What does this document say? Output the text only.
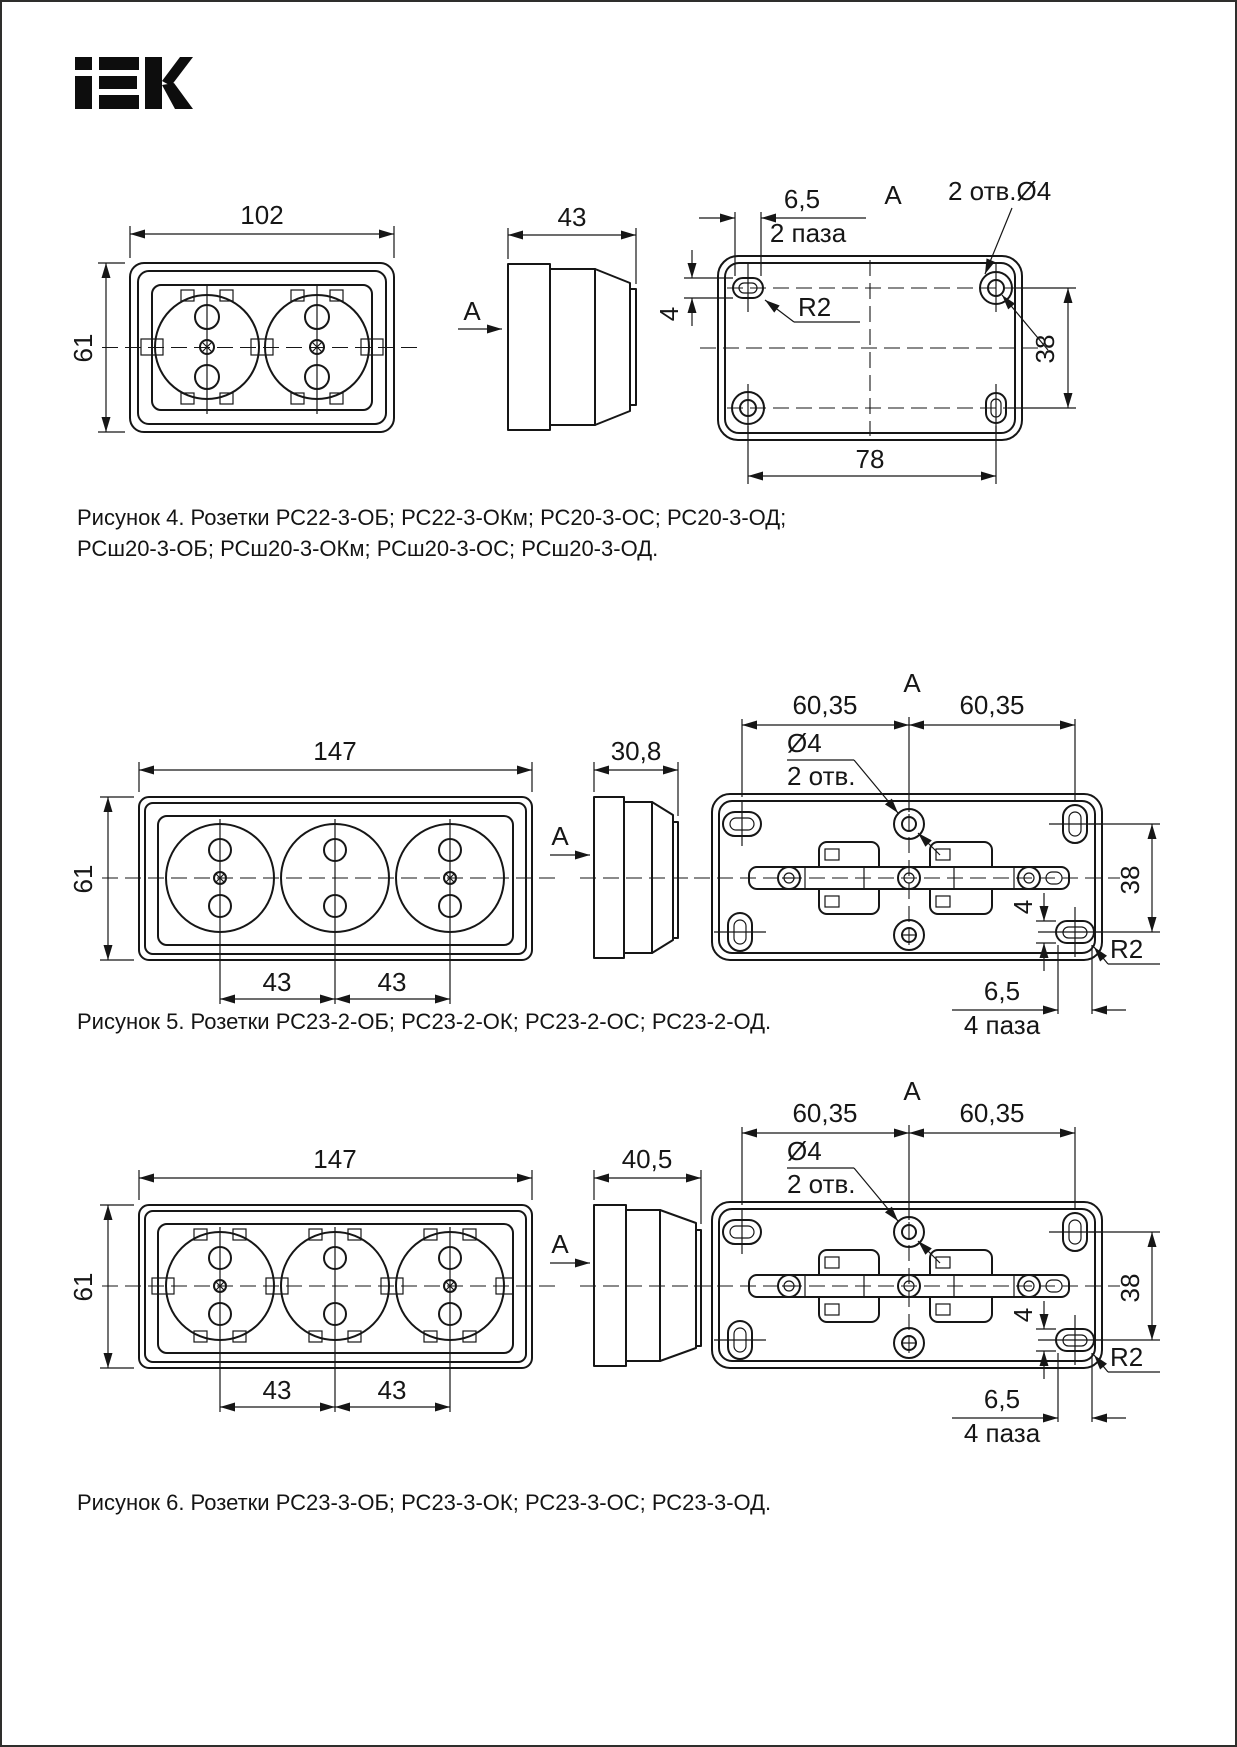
102
61
43
А
6,5
2 паза
А 2 отв.Ø4
R2
4
38
78
Рисунок 4. Розетки РС22-3-ОБ; РС22-3-ОКм; РС20-3-ОС; РС20-3-ОД;
РСш20-3-ОБ; РСш20-3-ОКм; РСш20-3-ОС; РСш20-3-ОД.
147
61
43	43
30,8
А
А
60,35	60,35
Ø4
2 отв.
38
4
6,5
4 паза
R2
Рисунок 5. Розетки РС23-2-ОБ; РС23-2-ОК; РС23-2-ОС; РС23-2-ОД.
147
61
43	43
40,5
А
А
60,35	60,35
Ø4
2 отв.
38
4
6,5
4 паза
R2
Рисунок 6. Розетки РС23-3-ОБ; РС23-3-ОК; РС23-3-ОС; РС23-3-ОД.
